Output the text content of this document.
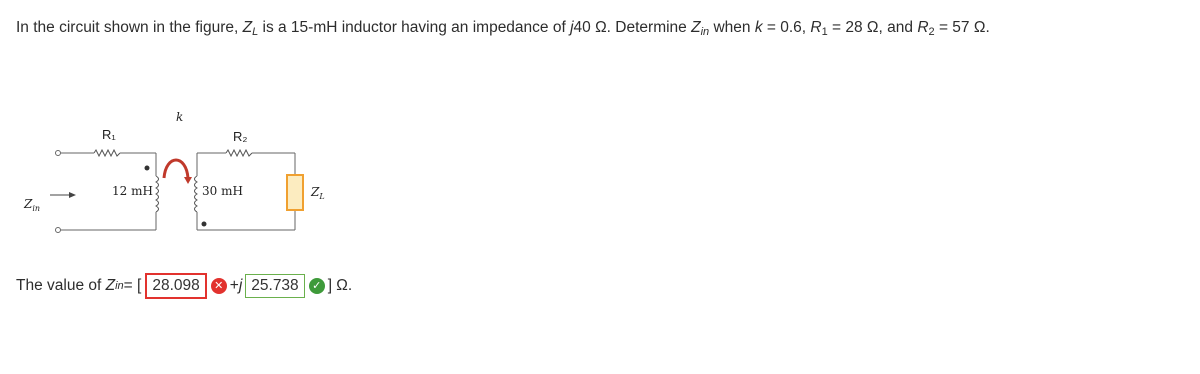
In the circuit shown in the figure, $Z_L$ is a 15-mH inductor having an impedance of j40 Ω. Determine $Z_{in}$ when k = 0.6, $R_1 = 28$ Ω, and $R_2 = 57$ Ω.
k
R₁	R₂
12 mH	30 mH	$Z_L$
$Z_{in}$
The value of
Z in = [ 28.098	✕ + j 25.738	✓ ] Ω.
